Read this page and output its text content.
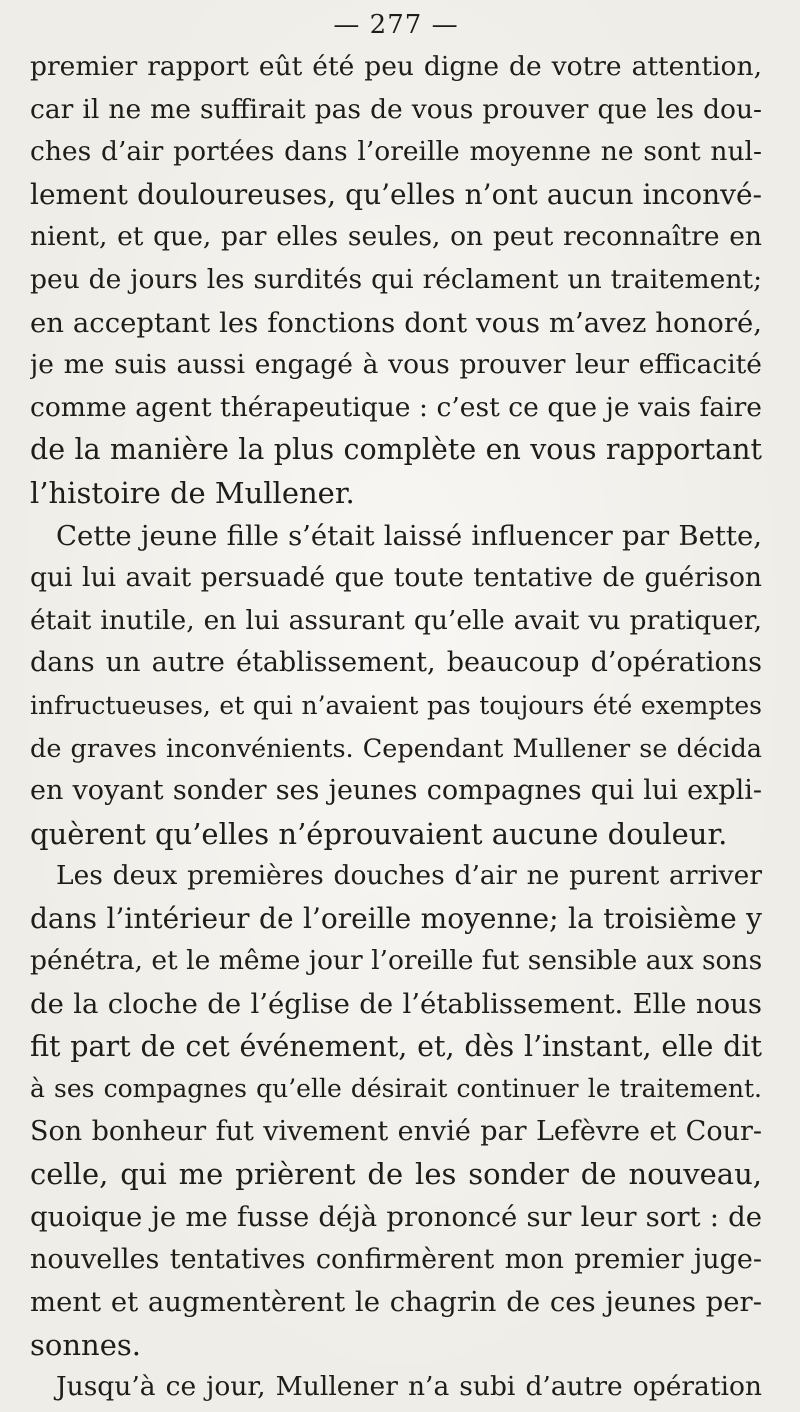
— 277 —
premier rapport eût été peu digne de votre attention,
car il ne me suffirait pas de vous prouver que les dou-
ches d’air portées dans l’oreille moyenne ne sont nul-
lement douloureuses, qu’elles n’ont aucun inconvé-
nient, et que, par elles seules, on peut reconnaître en
peu de jours les surdités qui réclament un traitement;
en acceptant les fonctions dont vous m’avez honoré,
je me suis aussi engagé à vous prouver leur efficacité
comme agent thérapeutique : c’est ce que je vais faire
de la manière la plus complète en vous rapportant
l’histoire de Mullener.
Cette jeune fille s’était laissé influencer par Bette,
qui lui avait persuadé que toute tentative de guérison
était inutile, en lui assurant qu’elle avait vu pratiquer,
dans un autre établissement, beaucoup d’opérations
infructueuses, et qui n’avaient pas toujours été exemptes
de graves inconvénients. Cependant Mullener se décida
en voyant sonder ses jeunes compagnes qui lui expli-
quèrent qu’elles n’éprouvaient aucune douleur.
Les deux premières douches d’air ne purent arriver
dans l’intérieur de l’oreille moyenne; la troisième y
pénétra, et le même jour l’oreille fut sensible aux sons
de la cloche de l’église de l’établissement. Elle nous
fit part de cet événement, et, dès l’instant, elle dit
à ses compagnes qu’elle désirait continuer le traitement.
Son bonheur fut vivement envié par Lefèvre et Cour-
celle, qui me prièrent de les sonder de nouveau,
quoique je me fusse déjà prononcé sur leur sort : de
nouvelles tentatives confirmèrent mon premier juge-
ment et augmentèrent le chagrin de ces jeunes per-
sonnes.
Jusqu’à ce jour, Mullener n’a subi d’autre opération
